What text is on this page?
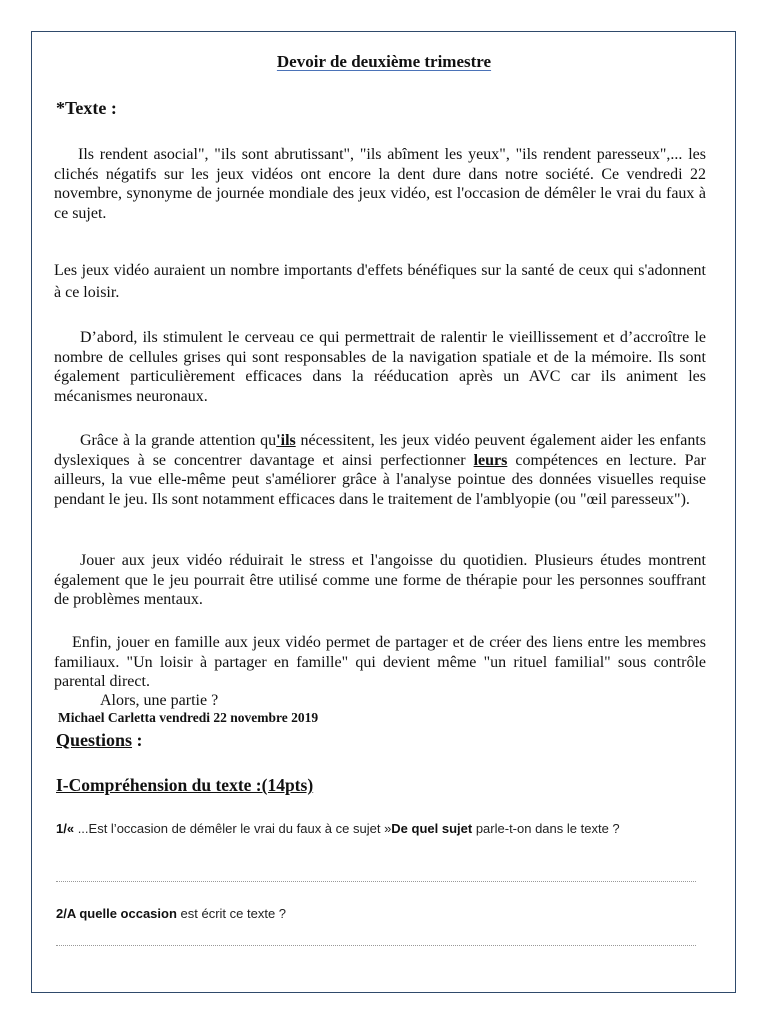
Devoir de deuxième trimestre
*Texte :
Ils rendent asocial", "ils sont abrutissant", "ils abîment les yeux", "ils rendent paresseux",... les clichés négatifs sur les jeux vidéos ont encore la dent dure dans notre société. Ce vendredi 22 novembre, synonyme de journée mondiale des jeux vidéo, est l'occasion de démêler le vrai du faux à ce sujet.
Les jeux vidéo auraient un nombre importants d'effets bénéfiques sur la santé de ceux qui s'adonnent à ce loisir.
D’abord, ils stimulent le cerveau ce qui permettrait de ralentir le vieillissement et d’accroître le nombre de cellules grises qui sont responsables de la navigation spatiale et de la mémoire. Ils sont également particulièrement efficaces dans la rééducation après un AVC car ils animent les mécanismes neuronaux.
Grâce à la grande attention qu'ils nécessitent, les jeux vidéo peuvent également aider les enfants dyslexiques à se concentrer davantage et ainsi perfectionner leurs compétences en lecture. Par ailleurs, la vue elle-même peut s'améliorer grâce à l'analyse pointue des données visuelles requise pendant le jeu. Ils sont notamment efficaces dans le traitement de l'amblyopie (ou "œil paresseux").
Jouer aux jeux vidéo réduirait le stress et l'angoisse du quotidien. Plusieurs études montrent également que le jeu pourrait être utilisé comme une forme de thérapie pour les personnes souffrant de problèmes mentaux.
Enfin, jouer en famille aux jeux vidéo permet de partager et de créer des liens entre les membres familiaux. "Un loisir à partager en famille" qui devient même "un rituel familial" sous contrôle parental direct.
Alors, une partie ?
Michael Carletta vendredi 22 novembre 2019
Questions :
I-Compréhension du texte :(14pts)
1/« ...Est l’occasion de démêler le vrai du faux à ce sujet »De quel sujet parle-t-on dans le texte ?
2/A quelle occasion est écrit ce texte ?
